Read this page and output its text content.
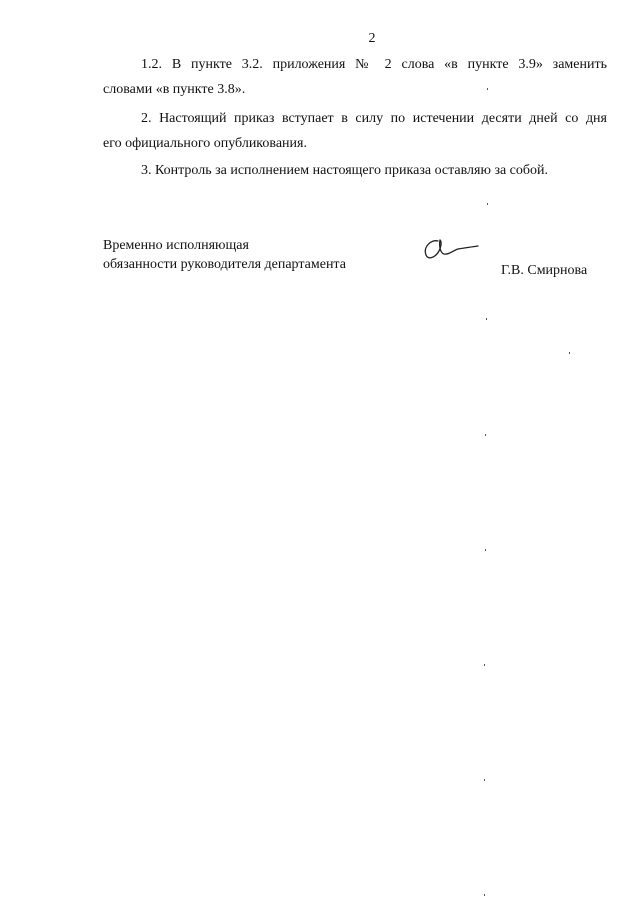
2

1.2. В пункте 3.2. приложения № 2 слова «в пункте 3.9» заменить
словами «в пункте 3.8».

2. Настоящий приказ вступает в силу по истечении десяти дней со дня
его официального опубликования.

3. Контроль за исполнением настоящего приказа оставляю за собой.

Временно исполняющая
обязанности руководителя департамента	Г.В. Смирнова
